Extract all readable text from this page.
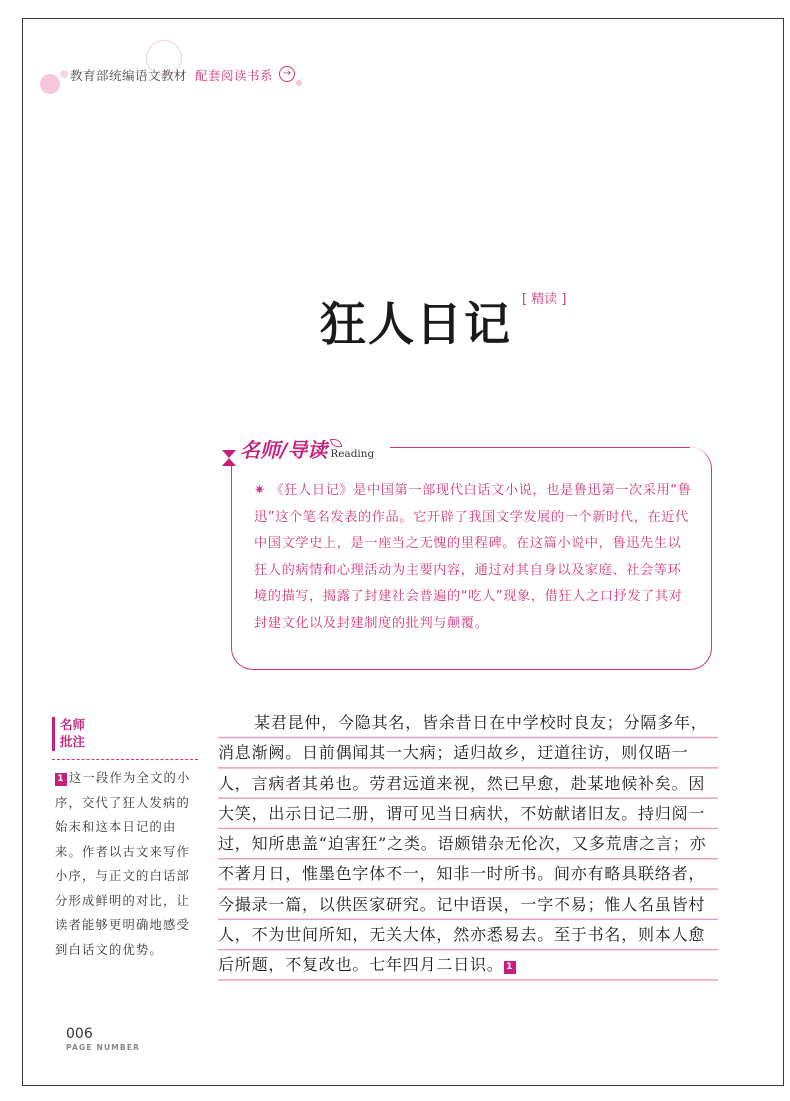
教育部统编语文教材 配套阅读书系 →
狂人日记 [ 精读 ]
名师/导读 Reading
✷ 《狂人日记》是中国第一部现代白话文小说，也是鲁迅第一次采用“鲁迅”这个笔名发表的作品。它开辟了我国文学发展的一个新时代，在近代中国文学史上，是一座当之无愧的里程碑。在这篇小说中，鲁迅先生以狂人的病情和心理活动为主要内容，通过对其自身以及家庭、社会等环境的描写，揭露了封建社会普遍的“吃人”现象，借狂人之口抒发了其对封建文化以及封建制度的批判与颠覆。
名师
批注
1 这一段作为全文的小序，交代了狂人发病的始末和这本日记的由来。作者以古文来写作小序，与正文的白话部分形成鲜明的对比，让读者能够更明确地感受到白话文的优势。
某君昆仲，今隐其名，皆余昔日在中学校时良友；分隔多年，消息渐阙。日前偶闻其一大病；适归故乡，迂道往访，则仅晤一人，言病者其弟也。劳君远道来视，然已早愈，赴某地候补矣。因大笑，出示日记二册，谓可见当日病状，不妨献诸旧友。持归阅一过，知所患盖“迫害狂”之类。语颇错杂无伦次，又多荒唐之言；亦不著月日，惟墨色字体不一，知非一时所书。间亦有略具联络者，今撮录一篇，以供医家研究。记中语误，一字不易；惟人名虽皆村人，不为世间所知，无关大体，然亦悉易去。至于书名，则本人愈后所题，不复改也。七年四月二日识。 1
006
PAGE NUMBER
